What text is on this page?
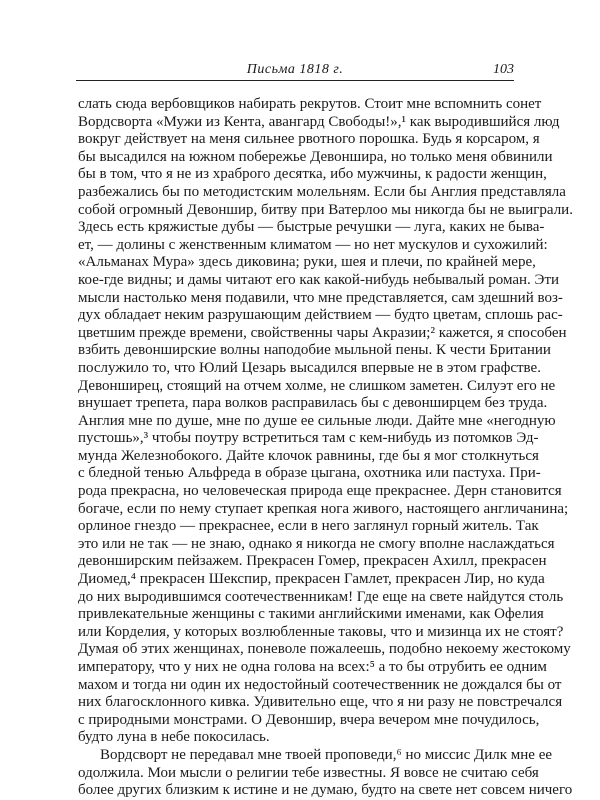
Письма 1818 г.	103
слать сюда вербовщиков набирать рекрутов. Стоит мне вспомнить сонет
Вордсворта «Мужи из Кента, авангард Свободы!»,¹ как выродившийся люд
вокруг действует на меня сильнее рвотного порошка. Будь я корсаром, я
бы высадился на южном побережье Девоншира, но только меня обвинили
бы в том, что я не из храброго десятка, ибо мужчины, к радости женщин,
разбежались бы по методистским молельням. Если бы Англия представляла
собой огромный Девоншир, битву при Ватерлоо мы никогда бы не выиграли.
Здесь есть кряжистые дубы — быстрые речушки — луга, каких не быва-
ет, — долины с женственным климатом — но нет мускулов и сухожилий:
«Альманах Мура» здесь диковина; руки, шея и плечи, по крайней мере,
кое-где видны; и дамы читают его как какой-нибудь небывалый роман. Эти
мысли настолько меня подавили, что мне представляется, сам здешний воз-
дух обладает неким разрушающим действием — будто цветам, сплошь рас-
цветшим прежде времени, свойственны чары Акразии;² кажется, я способен
взбить девонширские волны наподобие мыльной пены. К чести Британии
послужило то, что Юлий Цезарь высадился впервые не в этом графстве.
Девонширец, стоящий на отчем холме, не слишком заметен. Силуэт его не
внушает трепета, пара волков расправилась бы с девонширцем без труда.
Англия мне по душе, мне по душе ее сильные люди. Дайте мне «негодную
пустошь»,³ чтобы поутру встретиться там с кем-нибудь из потомков Эд-
мунда Железнобокого. Дайте клочок равнины, где бы я мог столкнуться
с бледной тенью Альфреда в образе цыгана, охотника или пастуха. При-
рода прекрасна, но человеческая природа еще прекраснее. Дерн становится
богаче, если по нему ступает крепкая нога живого, настоящего англичанина;
орлиное гнездо — прекраснее, если в него заглянул горный житель. Так
это или не так — не знаю, однако я никогда не смогу вполне наслаждаться
девонширским пейзажем. Прекрасен Гомер, прекрасен Ахилл, прекрасен
Диомед,⁴ прекрасен Шекспир, прекрасен Гамлет, прекрасен Лир, но куда
до них выродившимся соотечественникам! Где еще на свете найдутся столь
привлекательные женщины с такими английскими именами, как Офелия
или Корделия, у которых возлюбленные таковы, что и мизинца их не стоят?
Думая об этих женщинах, поневоле пожалеешь, подобно некоему жестокому
императору, что у них не одна голова на всех:⁵ а то бы отрубить ее одним
махом и тогда ни один их недостойный соотечественник не дождался бы от
них благосклонного кивка. Удивительно еще, что я ни разу не повстречался
с природными монстрами. О Девоншир, вчера вечером мне почудилось,
будто луна в небе покосилась.
Вордсворт не передавал мне твоей проповеди,⁶ но миссис Дилк мне ее
одолжила. Мои мысли о религии тебе известны. Я вовсе не считаю себя
более других близким к истине и не думаю, будто на свете нет совсем ничего
